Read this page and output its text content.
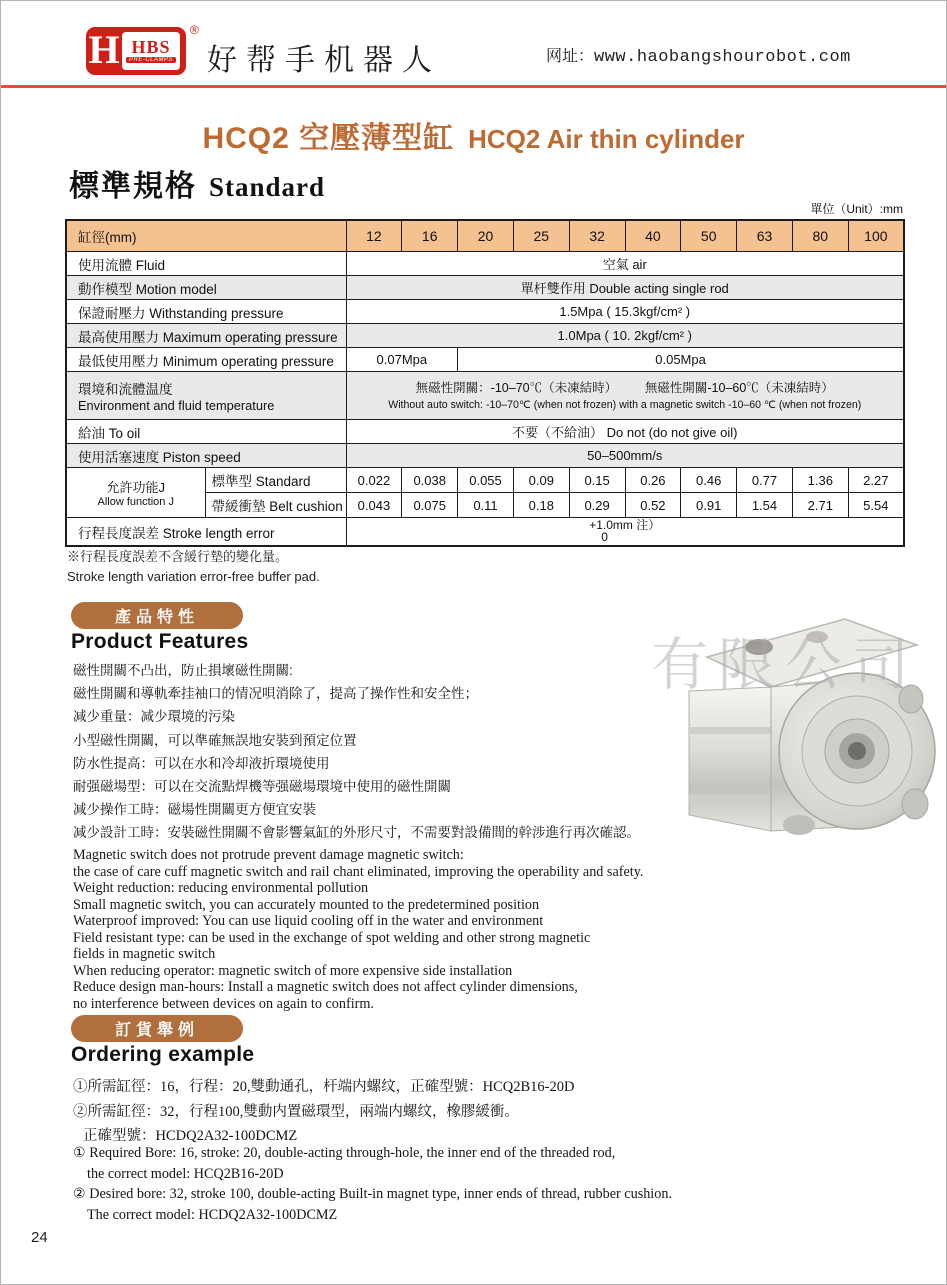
H HBS
PRE-CLAMPS
®
好帮手机器人	网址：www.haobangshourobot.com
HCQ2 空壓薄型缸 HCQ2 Air thin cylinder
標準規格 Standard
單位（Unit）:mm
缸徑(mm)		12	16	20	25	32	40	50	63	80	100

使用流體 Fluid		空氣 air									

動作模型 Motion model		單杆雙作用 Double acting single rod									

保證耐壓力 Withstanding pressure		1.5Mpa ( 15.3kgf/cm² )									

最高使用壓力 Maximum operating pressure		1.0Mpa ( 10. 2kgf/cm² )									

最低使用壓力 Minimum operating pressure		0.07Mpa		0.05Mpa							

環境和流體温度
Environment and fluid temperature

無磁性開關：-10–70℃（未凍結時）        無磁性開關-10–60℃（未凍結時）
Without auto switch: -10–70℃ (when not frozen) with a magnetic switch -10–60 ℃ (when not frozen)

給油 To oil		不要（不給油） Do not (do not give oil)									

使用活塞速度 Piston speed		50–500mm/s									

允許功能J
Allow function J	標準型 Standard	0.022	0.038	0.055	0.09	0.15	0.26	0.46	0.77	1.36	2.27
	帶緩衝墊 Belt cushion	0.043	0.075	0.11	0.18	0.29	0.52	0.91	1.54	2.71	5.54
行程長度誤差 Stroke length error		+1.0mm 注）
0									
※行程長度誤差不含緩行墊的變化量。
Stroke length variation error-free buffer pad.
產品特性
Product Features
磁性開關不凸出，防止損壞磁性開關:
磁性開關和導軌牽挂袖口的情况唄消除了，提高了操作性和安全性；
减少重量：减少環境的污染
小型磁性開關，可以準確無誤地安裝到預定位置
防水性提高：可以在水和冷却液折環境使用
耐强磁場型：可以在交流點焊機等强磁場環境中使用的磁性開關
减少操作工時：磁場性開關更方便宜安裝
减少設計工時：安裝磁性開關不會影響氣缸的外形尺寸，不需要對設備間的幹涉進行再次確認。
有限公司
Magnetic switch does not protrude prevent damage magnetic switch:
the case of care cuff magnetic switch and rail chant eliminated, improving the operability and safety.
Weight reduction: reducing environmental pollution
Small magnetic switch, you can accurately mounted to the predetermined position
Waterproof improved: You can use liquid cooling off in the water and environment
Field resistant type: can be used in the exchange of spot welding and other strong magnetic
fields in magnetic switch
When reducing operator: magnetic switch of more expensive side installation
Reduce design man-hours: Install a magnetic switch does not affect cylinder dimensions,
no interference between devices on again to confirm.
訂貨舉例
Ordering example
①所需缸徑：16，行程：20,雙動通孔，杆端内螺纹，正確型號：HCQ2B16-20D
②所需缸徑：32，行程100,雙動内置磁環型，兩端内螺纹，橡膠緩衝。
正確型號：HCDQ2A32-100DCMZ
① Required Bore: 16, stroke: 20, double-acting through-hole, the inner end of the threaded rod,
the correct model: HCQ2B16-20D
② Desired bore: 32, stroke 100, double-acting Built-in magnet type, inner ends of thread, rubber cushion.
The correct model: HCDQ2A32-100DCMZ
24
